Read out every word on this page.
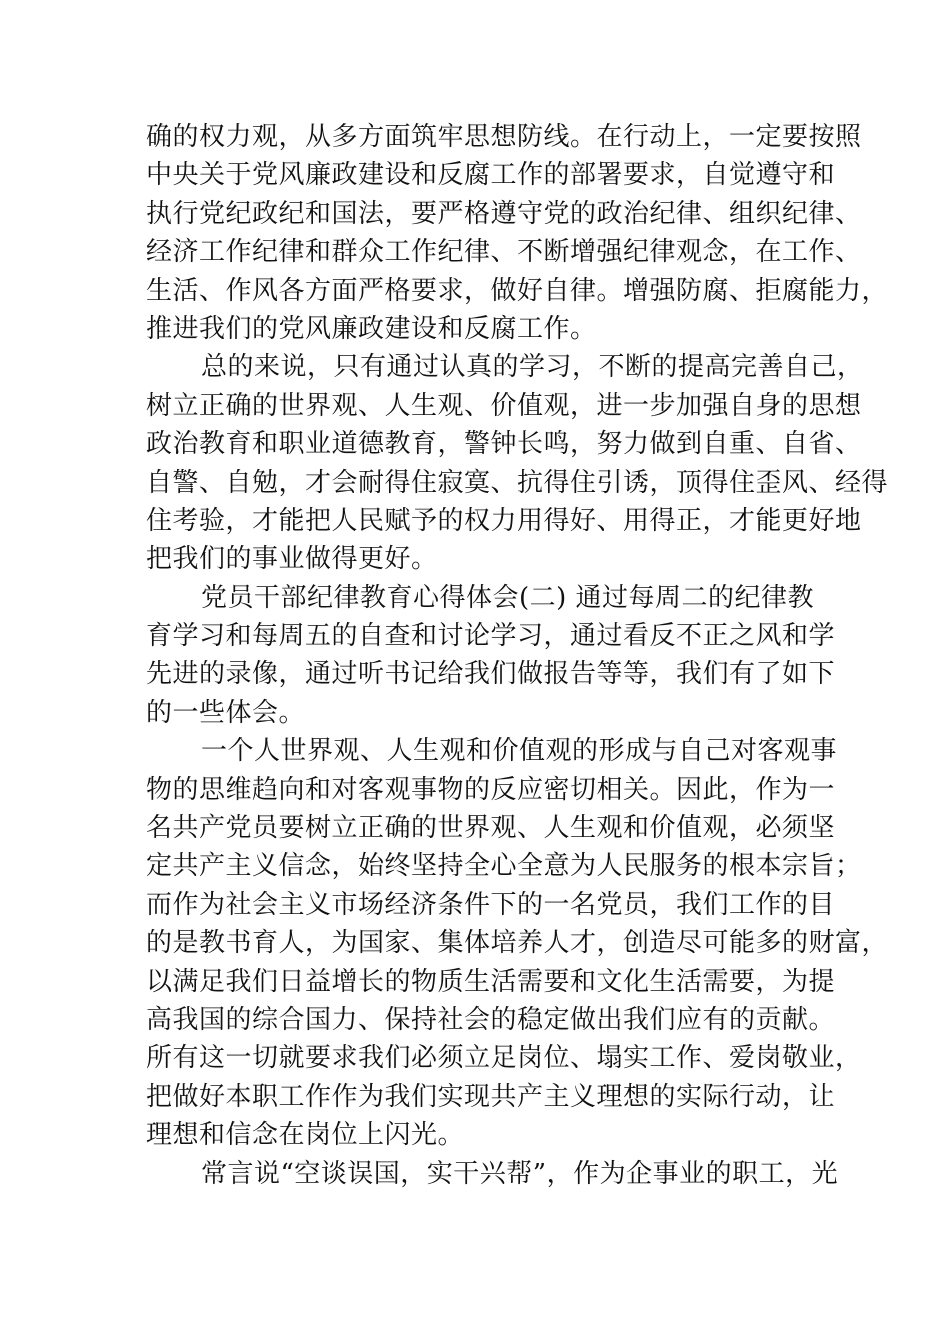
确的权力观，从多方面筑牢思想防线。在行动上，一定要按照
中央关于党风廉政建设和反腐工作的部署要求，自觉遵守和
执行党纪政纪和国法，要严格遵守党的政治纪律、组织纪律、
经济工作纪律和群众工作纪律、不断增强纪律观念，在工作、
生活、作风各方面严格要求，做好自律。增强防腐、拒腐能力，
推进我们的党风廉政建设和反腐工作。
总的来说，只有通过认真的学习，不断的提高完善自己，
树立正确的世界观、人生观、价值观，进一步加强自身的思想
政治教育和职业道德教育，警钟长鸣，努力做到自重、自省、
自警、自勉，才会耐得住寂寞、抗得住引诱，顶得住歪风、经得
住考验，才能把人民赋予的权力用得好、用得正，才能更好地
把我们的事业做得更好。
党员干部纪律教育心得体会(二) 通过每周二的纪律教
育学习和每周五的自查和讨论学习，通过看反不正之风和学
先进的录像，通过听书记给我们做报告等等，我们有了如下
的一些体会。
一个人世界观、人生观和价值观的形成与自己对客观事
物的思维趋向和对客观事物的反应密切相关。因此，作为一
名共产党员要树立正确的世界观、人生观和价值观，必须坚
定共产主义信念，始终坚持全心全意为人民服务的根本宗旨；
而作为社会主义市场经济条件下的一名党员，我们工作的目
的是教书育人，为国家、集体培养人才，创造尽可能多的财富，
以满足我们日益增长的物质生活需要和文化生活需要，为提
高我国的综合国力、保持社会的稳定做出我们应有的贡献。
所有这一切就要求我们必须立足岗位、塌实工作、爱岗敬业，
把做好本职工作作为我们实现共产主义理想的实际行动，让
理想和信念在岗位上闪光。
常言说“空谈误国，实干兴帮”，作为企事业的职工，光
